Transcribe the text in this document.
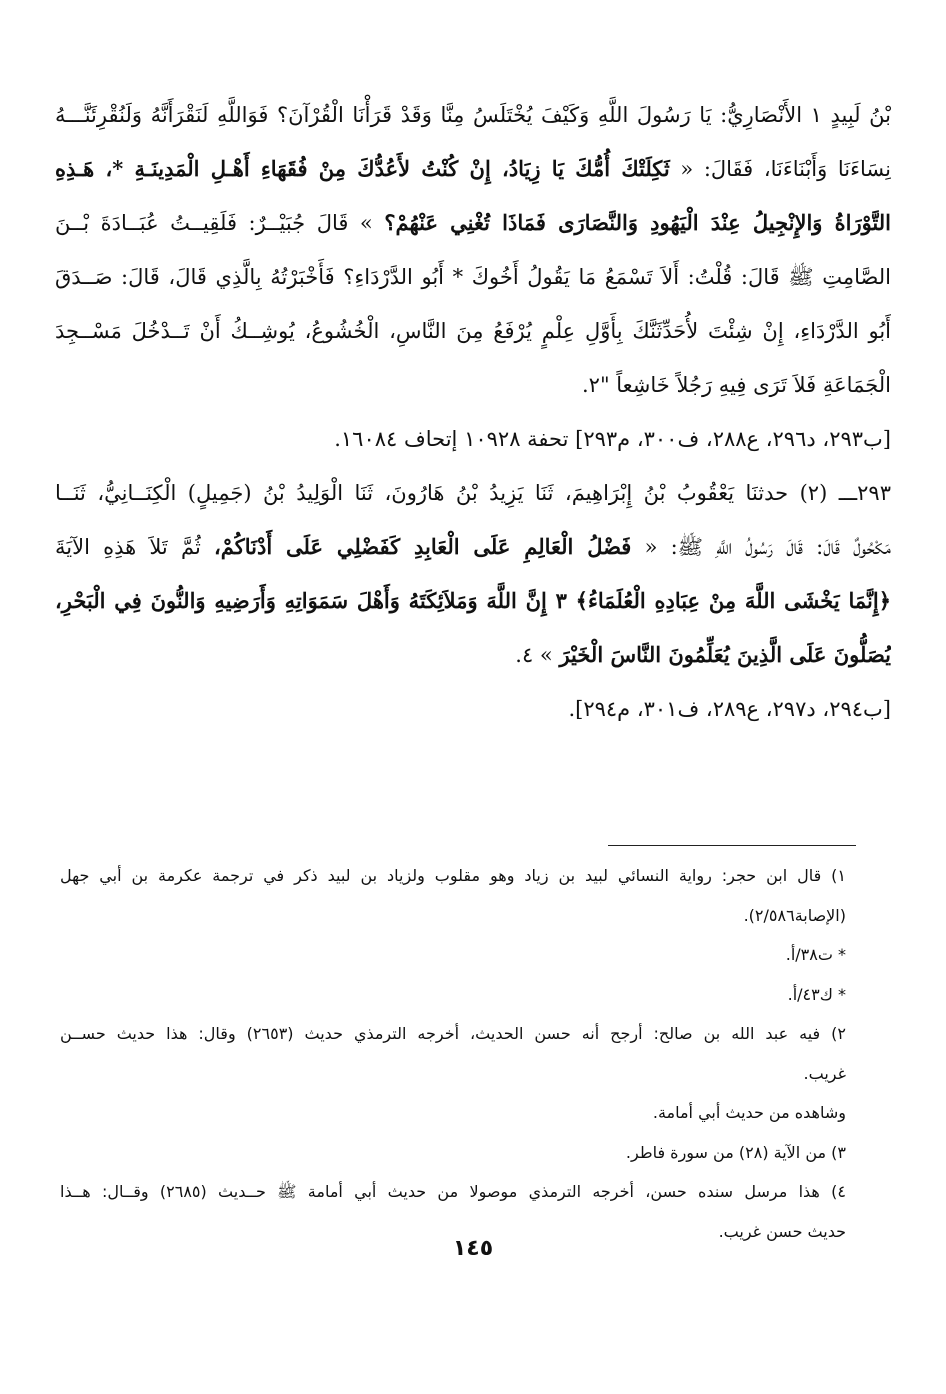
بْنُ لَبِيدٍ ١ الأَنْصَارِيُّ: يَا رَسُولَ اللَّهِ وَكَيْفَ يُخْتَلَسُ مِنَّا وَقَدْ قَرَأْنَا الْقُرْآنَ؟ فَوَاللَّهِ لَنَقْرَأَنَّهُ وَلَنُقْرِئَنَّـــهُ
نِسَاءَنَا وَأَبْنَاءَنَا، فَقَالَ: « ثَكِلَتْكَ أُمُّكَ يَا زِيَادُ، إِنْ كُنْتُ لأَعُدُّكَ مِنْ فُقَهَاءِ أَهْـلِ الْمَدِينَـةِ *، هَـذِهِ
التَّوْرَاةُ وَالإِنْجِيلُ عِنْدَ الْيَهُودِ وَالنَّصَارَى فَمَاذَا تُغْنِي عَنْهُمْ؟ » قَالَ جُبَيْــرٌ: فَلَقِيــتُ عُبَــادَةَ بْــنَ
الصَّامِتِ ﷺ قَالَ: قُلْتُ: أَلاَ تَسْمَعُ مَا يَقُولُ أَخُوكَ * أَبُو الدَّرْدَاءِ؟ فَأَخْبَرْتُهُ بِالَّذِي قَالَ، قَالَ: صَــدَقَ
أَبُو الدَّرْدَاءِ، إِنْ شِئْتَ لأُحَدِّثَنَّكَ بِأَوَّلِ عِلْمٍ يُرْفَعُ مِنَ النَّاسِ، الْخُشُوعُ، يُوشِــكُ أَنْ تَــدْخُلَ مَسْــجِدَ
الْجَمَاعَةِ فَلاَ تَرَى فِيهِ رَجُلاً خَاشِعاً "٢.
[ب٢٩٣، د٢٩٦، ع٢٨٨، ف٣٠٠، م٢٩٣] تحفة ١٠٩٢٨ إتحاف ١٦٠٨٤.
٢٩٣ـــ (٢) حدثنَا يَعْقُوبُ بْنُ إِبْرَاهِيمَ، ثَنَا يَزِيدُ بْنُ هَارُونَ، ثَنَا الْوَلِيدُ بْنُ (جَمِيلٍ) الْكِنَــانِيُّ، ثَنَــا
مَكْحُولٌ قَالَ: قَالَ رَسُولُ اللَّهِ ﷺ: « فَضْلُ الْعَالِمِ عَلَى الْعَابِدِ كَفَضْلِي عَلَى أَدْنَاكُمْ، ثُمَّ تَلاَ هَذِهِ الآيَةَ
﴿إِنَّمَا يَخْشَى اللَّهَ مِنْ عِبَادِهِ الْعُلَمَاءُ﴾ ٣ إِنَّ اللَّهَ وَمَلاَئِكَتَهُ وَأَهْلَ سَمَوَاتِهِ وَأَرَضِيهِ وَالنُّونَ فِي الْبَحْرِ،
يُصَلُّونَ عَلَى الَّذِينَ يُعَلِّمُونَ النَّاسَ الْخَيْرَ » ٤.
[ب٢٩٤، د٢٩٧، ع٢٨٩، ف٣٠١، م٢٩٤].
١) قال ابن حجر: رواية النسائي لبيد بن زياد وهو مقلوب ولزياد بن لبيد ذكر في ترجمة عكرمة بن أبي جهل
(الإصابة٢/٥٨٦).
* ت٣٨/أ.
* ك٤٣/أ.
٢) فيه عبد الله بن صالح: أرجح أنه حسن الحديث، أخرجه الترمذي حديث (٢٦٥٣) وقال: هذا حديث حســن
غريب.
وشاهده من حديث أبي أمامة.
٣) من الآية (٢٨) من سورة فاطر.
٤) هذا مرسل سنده حسن، أخرجه الترمذي موصولا من حديث أبي أمامة ﷺ حــديث (٢٦٨٥) وقــال: هــذا
حديث حسن غريب.
١٤٥
